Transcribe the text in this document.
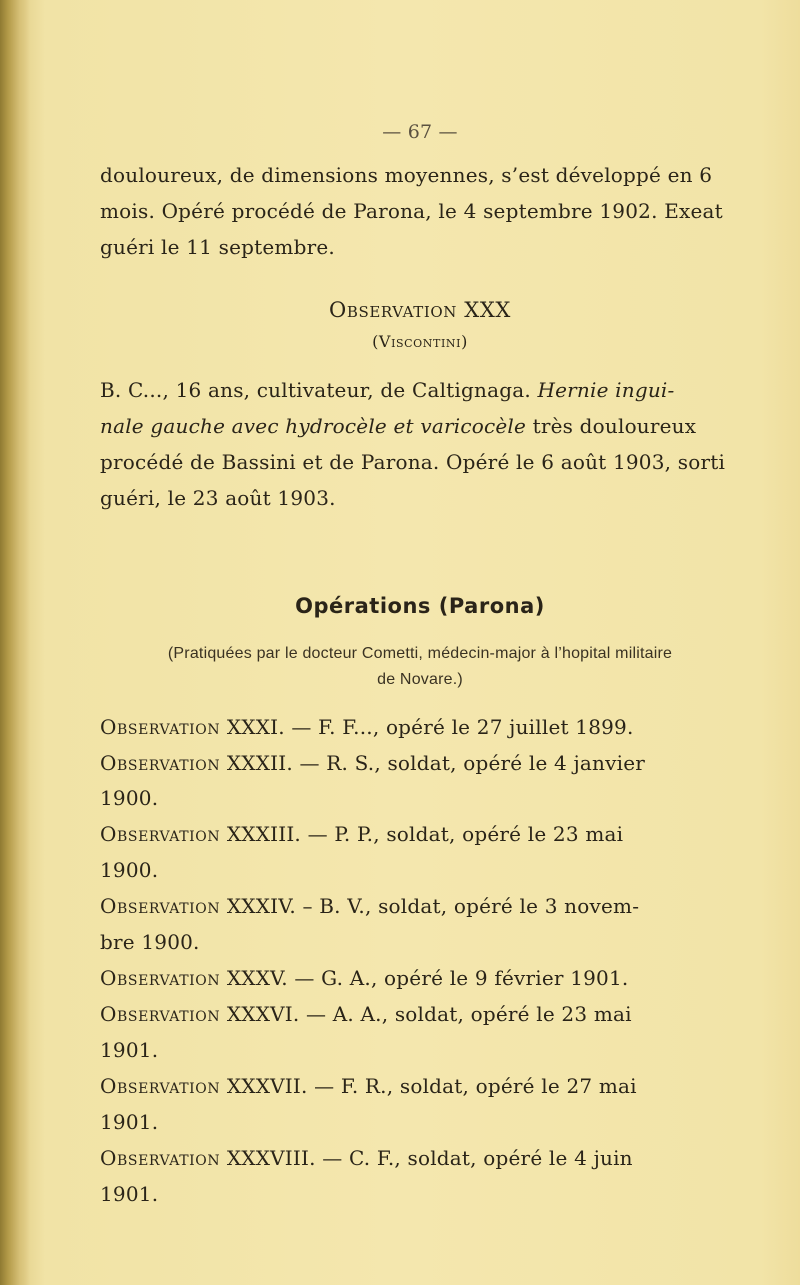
— 67 —
douloureux, de dimensions moyennes, s’est développé en 6
mois. Opéré procédé de Parona, le 4 septembre 1902. Exeat
guéri le 11 septembre.
Observation XXX
(Viscontini)
B. C..., 16 ans, cultivateur, de Caltignaga. Hernie ingui-
nale gauche avec hydrocèle et varicocèle très douloureux
procédé de Bassini et de Parona. Opéré le 6 août 1903, sorti
guéri, le 23 août 1903.
Opérations (Parona)
(Pratiquées par le docteur Cometti, médecin-major à l’hopital militaire
de Novare.)
Observation XXXI. — F. F..., opéré le 27 juillet 1899.
Observation XXXII. — R. S., soldat, opéré le 4 janvier
1900.
Observation XXXIII. — P. P., soldat, opéré le 23 mai
1900.
Observation XXXIV. – B. V., soldat, opéré le 3 novem-
bre 1900.
Observation XXXV. — G. A., opéré le 9 février 1901.
Observation XXXVI. — A. A., soldat, opéré le 23 mai
1901.
Observation XXXVII. — F. R., soldat, opéré le 27 mai
1901.
Observation XXXVIII. — C. F., soldat, opéré le 4 juin
1901.
